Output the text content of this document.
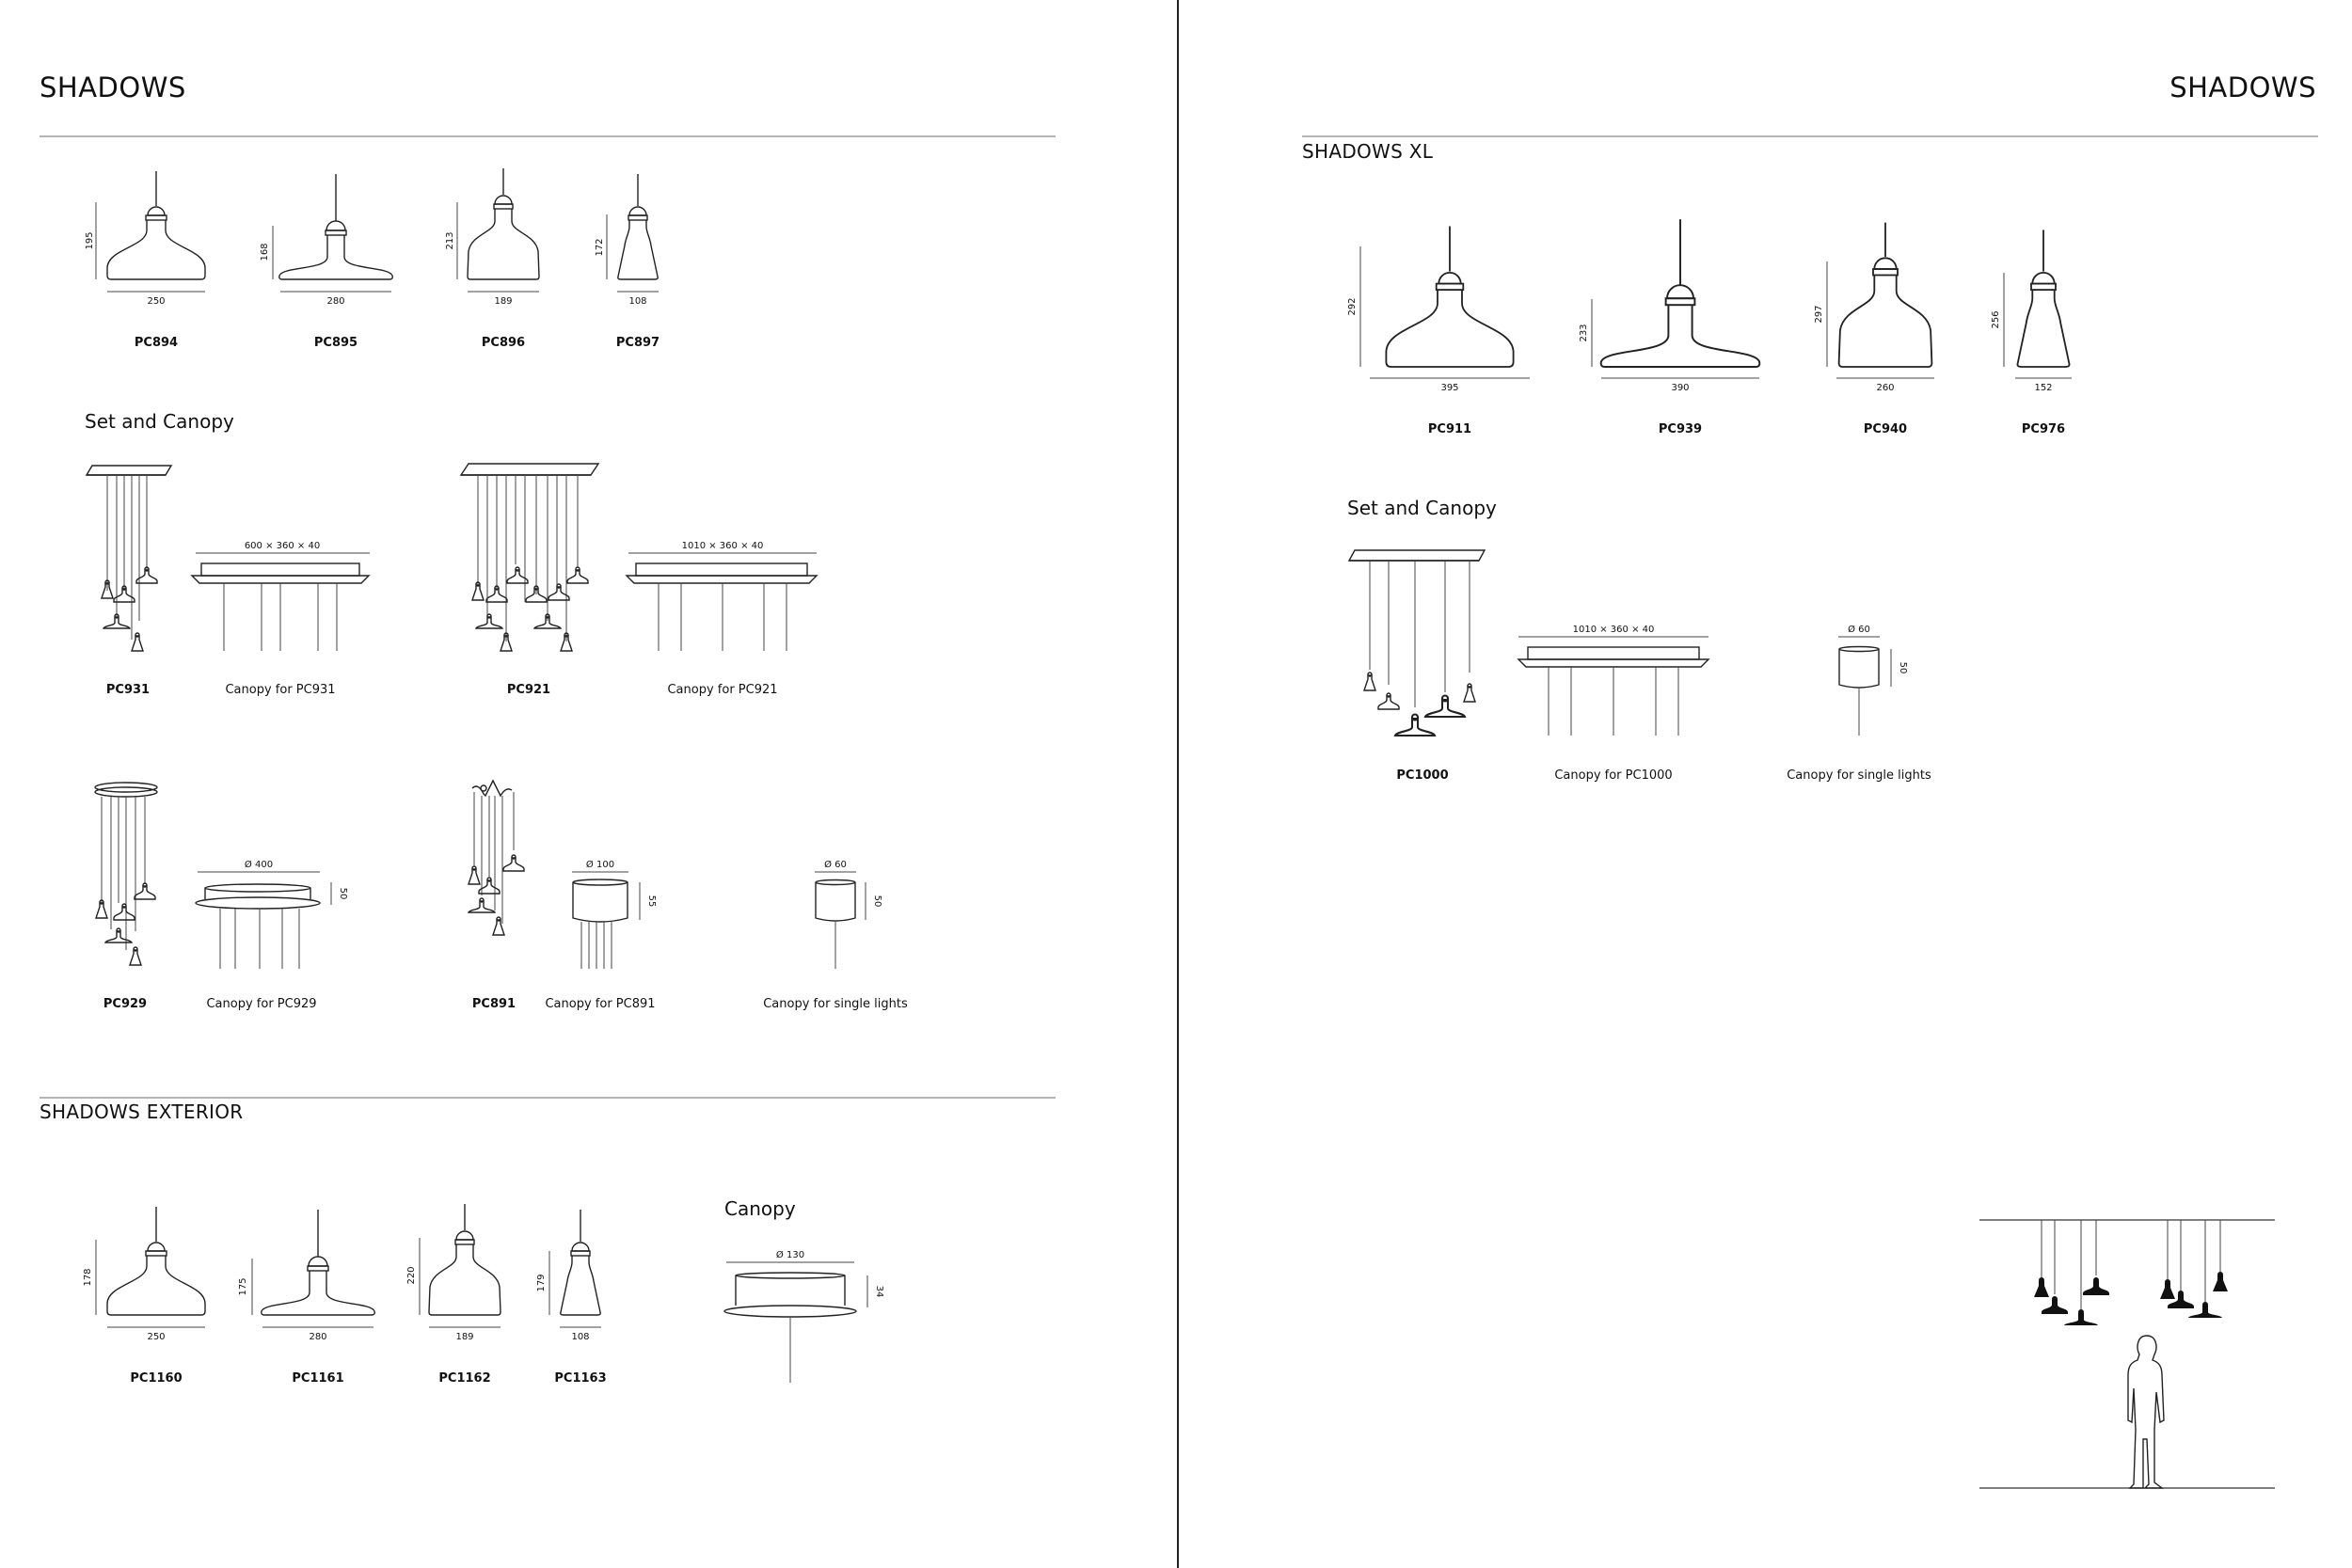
SHADOWS
250
195
PC894
280
168
PC895
189
213
PC896
108
172
PC897
Set and Canopy
PC931
600 × 360 × 40
Canopy for PC931	PC921
1010 × 360 × 40
Canopy for PC921
PC929
Ø 400
50
Canopy for PC929	PC891
Ø 100
55
Canopy for PC891
Ø 60
50
Canopy for single lights
SHADOWS EXTERIOR
250
178
PC1160
280
175
PC1161
189
220
PC1162
108
179
PC1163
Canopy
Ø 130
34
SHADOWS
SHADOWS XL
395
292
PC911
390
233
PC939
260
297
PC940
152
256
PC976
Set and Canopy
PC1000
1010 × 360 × 40
Canopy for PC1000
Ø 60
50
Canopy for single lights
